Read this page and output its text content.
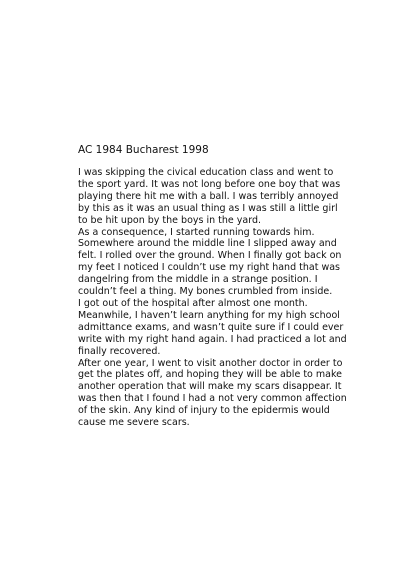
AC 1984 Bucharest 1998

I was skipping the civical education class and went to
the sport yard. It was not long before one boy that was
playing there hit me with a ball. I was terribly annoyed
by this as it was an usual thing as I was still a little girl
to be hit upon by the boys in the yard.

As a consequence, I started running towards him.
Somewhere around the middle line I slipped away and
felt. I rolled over the ground. When I finally got back on
my feet I noticed I couldn’t use my right hand that was
dangelring from the middle in a strange position. I
couldn’t feel a thing. My bones crumbled from inside.

I got out of the hospital after almost one month.
Meanwhile, I haven’t learn anything for my high school
admittance exams, and wasn’t quite sure if I could ever
write with my right hand again. I had practiced a lot and
finally recovered.

After one year, I went to visit another doctor in order to
get the plates off, and hoping they will be able to make
another operation that will make my scars disappear. It
was then that I found I had a not very common affection
of the skin. Any kind of injury to the epidermis would
cause me severe scars.
